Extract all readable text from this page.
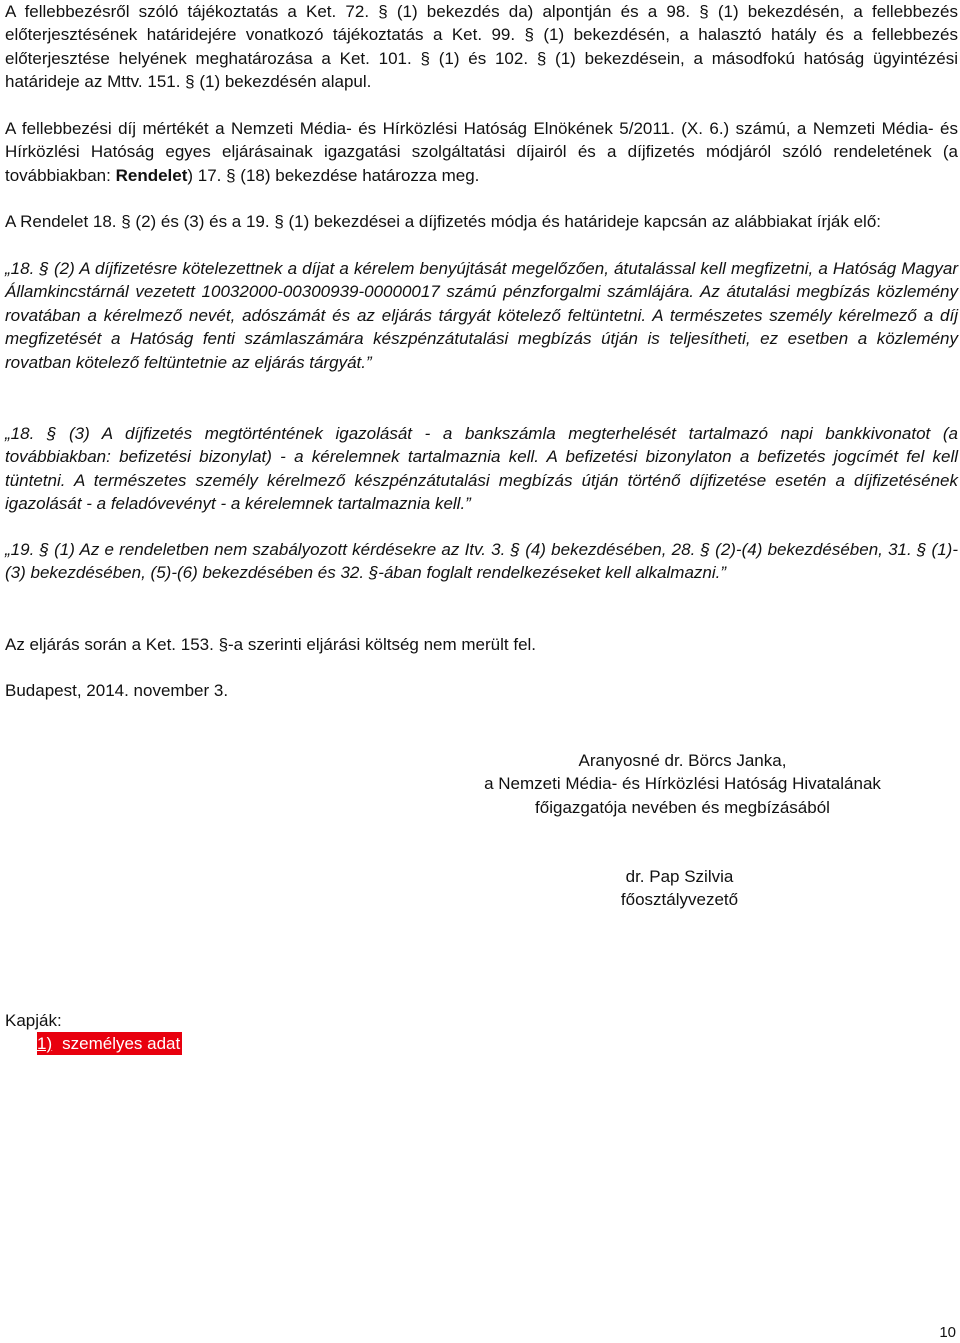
A fellebbezésről szóló tájékoztatás a Ket. 72. § (1) bekezdés da) alpontján és a 98. § (1) bekezdésén, a fellebbezés előterjesztésének határidejére vonatkozó tájékoztatás a Ket. 99. § (1) bekezdésén, a halasztó hatály és a fellebbezés előterjesztése helyének meghatározása a Ket. 101. § (1) és 102. § (1) bekezdésein, a másodfokú hatóság ügyintézési határideje az Mttv. 151. § (1) bekezdésén alapul.

A fellebbezési díj mértékét a Nemzeti Média- és Hírközlési Hatóság Elnökének 5/2011. (X. 6.) számú, a Nemzeti Média- és Hírközlési Hatóság egyes eljárásainak igazgatási szolgáltatási díjairól és a díjfizetés módjáról szóló rendeletének (a továbbiakban: Rendelet) 17. § (18) bekezdése határozza meg.

A Rendelet 18. § (2) és (3) és a 19. § (1) bekezdései a díjfizetés módja és határideje kapcsán az alábbiakat írják elő:

„18. § (2) A díjfizetésre kötelezettnek a díjat a kérelem benyújtását megelőzően, átutalással kell megfizetni, a Hatóság Magyar Államkincstárnál vezetett 10032000-00300939-00000017 számú pénzforgalmi számlájára. Az átutalási megbízás közlemény rovatában a kérelmező nevét, adószámát és az eljárás tárgyát kötelező feltüntetni. A természetes személy kérelmező a díj megfizetését a Hatóság fenti számlaszámára készpénzátutalási megbízás útján is teljesítheti, ez esetben a közlemény rovatban kötelező feltüntetnie az eljárás tárgyát.”

„18. § (3) A díjfizetés megtörténtének igazolását - a bankszámla megterhelését tartalmazó napi bankkivonatot (a továbbiakban: befizetési bizonylat) - a kérelemnek tartalmaznia kell. A befizetési bizonylaton a befizetés jogcímét fel kell tüntetni. A természetes személy kérelmező készpénzátutalási megbízás útján történő díjfizetése esetén a díjfizetésének igazolását - a feladóvevényt - a kérelemnek tartalmaznia kell.”

„19. § (1) Az e rendeletben nem szabályozott kérdésekre az Itv. 3. § (4) bekezdésében, 28. § (2)-(4) bekezdésében, 31. § (1)-(3) bekezdésében, (5)-(6) bekezdésében és 32. §-ában foglalt rendelkezéseket kell alkalmazni.”

Az eljárás során a Ket. 153. §-a szerinti eljárási költség nem merült fel.

Budapest, 2014. november 3.

Aranyosné dr. Börcs Janka,
a Nemzeti Média- és Hírközlési Hatóság Hivatalának
főigazgatója nevében és megbízásából
dr. Pap Szilvia
főosztályvezető
Kapják:
1) személyes adat
10
